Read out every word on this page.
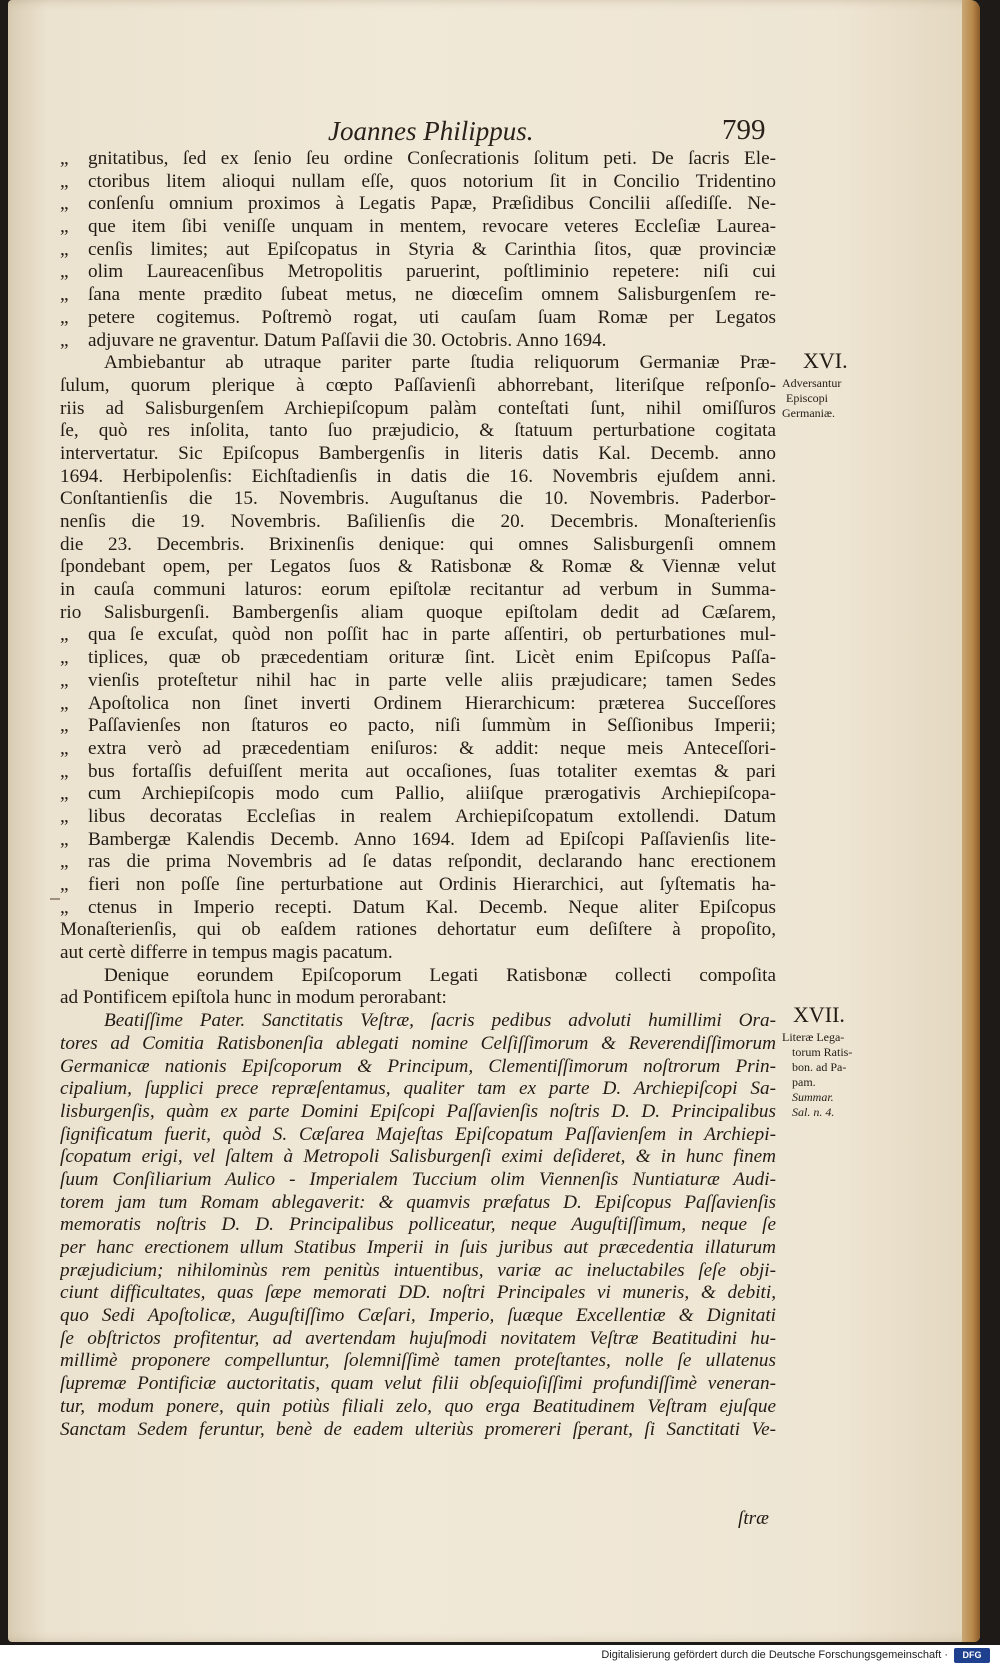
Joannes Philippus.	799
„ gnitatibus, ſed ex ſenio ſeu ordine Conſecrationis ſolitum peti. De ſacris Ele-
„ ctoribus litem alioqui nullam eſſe, quos notorium ſit in Concilio Tridentino
„ conſenſu omnium proximos à Legatis Papæ, Præſidibus Concilii aſſediſſe. Ne-
„ que item ſibi veniſſe unquam in mentem, revocare veteres Eccleſiæ Laurea-
„ cenſis limites; aut Epiſcopatus in Styria & Carinthia ſitos, quæ provinciæ
„ olim Laureacenſibus Metropolitis paruerint, poſtliminio repetere: niſi cui
„ ſana mente prædito ſubeat metus, ne diœceſim omnem Salisburgenſem re-
„ petere cogitemus. Poſtremò rogat, uti cauſam ſuam Romæ per Legatos
„ adjuvare ne graventur. Datum Paſſavii die 30. Octobris. Anno 1694.
Ambiebantur ab utraque pariter parte ſtudia reliquorum Germaniæ Præ-
ſulum, quorum plerique à cœpto Paſſavienſi abhorrebant, literiſque reſponſo-
riis ad Salisburgenſem Archiepiſcopum palàm conteſtati ſunt, nihil omiſſuros
ſe, quò res inſolita, tanto ſuo præjudicio, & ſtatuum perturbatione cogitata
intervertatur. Sic Epiſcopus Bambergenſis in literis datis Kal. Decemb. anno
1694. Herbipolenſis: Eichſtadienſis in datis die 16. Novembris ejuſdem anni.
Conſtantienſis die 15. Novembris. Auguſtanus die 10. Novembris. Paderbor-
nenſis die 19. Novembris. Baſilienſis die 20. Decembris. Monaſterienſis
die 23. Decembris. Brixinenſis denique: qui omnes Salisburgenſi omnem
ſpondebant opem, per Legatos ſuos & Ratisbonæ & Romæ & Viennæ velut
in cauſa communi laturos: eorum epiſtolæ recitantur ad verbum in Summa-
rio Salisburgenſi. Bambergenſis aliam quoque epiſtolam dedit ad Cæſarem,
„ qua ſe excuſat, quòd non poſſit hac in parte aſſentiri, ob perturbationes mul-
„ tiplices, quæ ob præcedentiam orituræ ſint. Licèt enim Epiſcopus Paſſa-
„ vienſis proteſtetur nihil hac in parte velle aliis præjudicare; tamen Sedes
„ Apoſtolica non ſinet inverti Ordinem Hierarchicum: præterea Succeſſores
„ Paſſavienſes non ſtaturos eo pacto, niſi ſummùm in Seſſionibus Imperii;
„ extra verò ad præcedentiam eniſuros: & addit: neque meis Anteceſſori-
„ bus fortaſſis defuiſſent merita aut occaſiones, ſuas totaliter exemtas & pari
„ cum Archiepiſcopis modo cum Pallio, aliiſque prærogativis Archiepiſcopa-
„ libus decoratas Eccleſias in realem Archiepiſcopatum extollendi. Datum
„ Bambergæ Kalendis Decemb. Anno 1694. Idem ad Epiſcopi Paſſavienſis lite-
„ ras die prima Novembris ad ſe datas reſpondit, declarando hanc erectionem
„ fieri non poſſe ſine perturbatione aut Ordinis Hierarchici, aut ſyſtematis ha-
„ ctenus in Imperio recepti. Datum Kal. Decemb. Neque aliter Epiſcopus
Monaſterienſis, qui ob eaſdem rationes dehortatur eum deſiſtere à propoſito,
aut certè differre in tempus magis pacatum.
Denique eorundem Epiſcoporum Legati Ratisbonæ collecti compoſita
ad Pontificem epiſtola hunc in modum perorabant:
Beatiſſime Pater. Sanctitatis Veſtræ, ſacris pedibus advoluti humillimi Ora-
tores ad Comitia Ratisbonenſia ablegati nomine Celſiſſimorum & Reverendiſſimorum
Germanicæ nationis Epiſcoporum & Principum, Clementiſſimorum noſtrorum Prin-
cipalium, ſupplici prece repræſentamus, qualiter tam ex parte D. Archiepiſcopi Sa-
lisburgenſis, quàm ex parte Domini Epiſcopi Paſſavienſis noſtris D. D. Principalibus
ſignificatum fuerit, quòd S. Cæſarea Majeſtas Epiſcopatum Paſſavienſem in Archiepi-
ſcopatum erigi, vel ſaltem à Metropoli Salisburgenſi eximi deſideret, & in hunc finem
ſuum Conſiliarium Aulico - Imperialem Tuccium olim Viennenſis Nuntiaturæ Audi-
torem jam tum Romam ablegaverit: & quamvis præfatus D. Epiſcopus Paſſavienſis
memoratis noſtris D. D. Principalibus polliceatur, neque Auguſtiſſimum, neque ſe
per hanc erectionem ullum Statibus Imperii in ſuis juribus aut præcedentia illaturum
præjudicium; nihilominùs rem penitùs intuentibus, variæ ac ineluctabiles ſeſe obji-
ciunt difficultates, quas ſæpe memorati DD. noſtri Principales vi muneris, & debiti,
quo Sedi Apoſtolicæ, Auguſtiſſimo Cæſari, Imperio, ſuæque Excellentiæ & Dignitati
ſe obſtrictos profitentur, ad avertendam hujuſmodi novitatem Veſtræ Beatitudini hu-
millimè proponere compelluntur, ſolemniſſimè tamen proteſtantes, nolle ſe ullatenus
ſupremæ Pontificiæ auctoritatis, quam velut filii obſequioſiſſimi profundiſſimè veneran-
tur, modum ponere, quin potiùs filiali zelo, quo erga Beatitudinem Veſtram ejuſque
Sanctam Sedem feruntur, benè de eadem ulteriùs promereri ſperant, ſi Sanctitati Ve-
XVI.
Adversantur
Episcopi
Germaniæ.
XVII.
Literæ Lega-
torum Ratis-
bon. ad Pa-
pam.
Summar.
Sal. n. 4.
ſtræ
Digitalisierung gefördert durch die Deutsche Forschungsgemeinschaft ·	DFG
